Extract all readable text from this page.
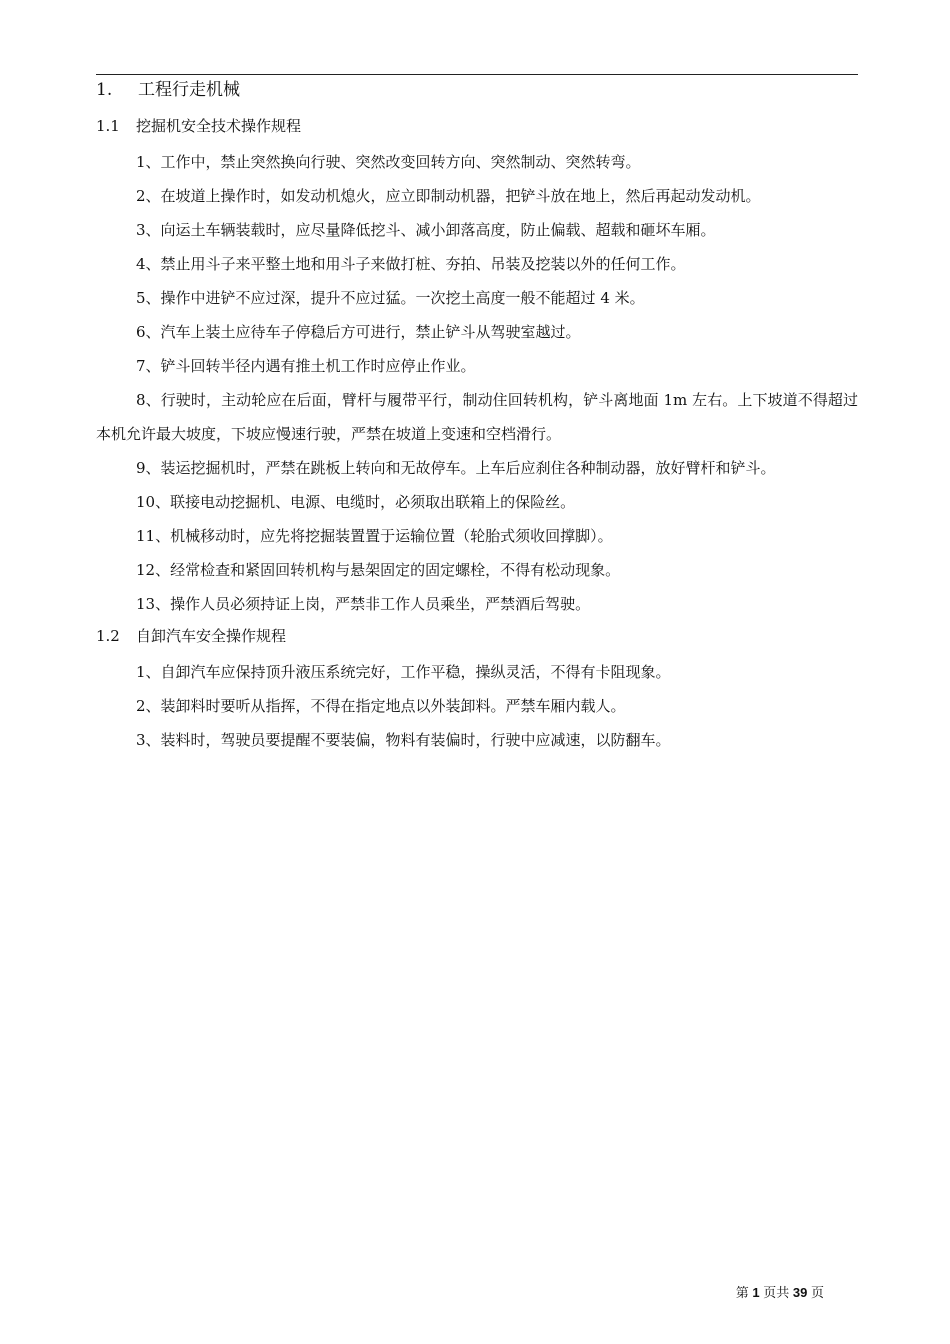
1. 工程行走机械
1.1 挖掘机安全技术操作规程

1、工作中，禁止突然换向行驶、突然改变回转方向、突然制动、突然转弯。

2、在坡道上操作时，如发动机熄火，应立即制动机器，把铲斗放在地上，然后再起动发动机。

3、向运土车辆装载时，应尽量降低挖斗、减小卸落高度，防止偏载、超载和砸坏车厢。

4、禁止用斗子来平整土地和用斗子来做打桩、夯拍、吊装及挖装以外的任何工作。

5、操作中进铲不应过深，提升不应过猛。一次挖土高度一般不能超过 4 米。

6、汽车上装土应待车子停稳后方可进行，禁止铲斗从驾驶室越过。

7、铲斗回转半径内遇有推土机工作时应停止作业。

8、行驶时，主动轮应在后面，臂杆与履带平行，制动住回转机构，铲斗离地面 1m 左右。上下坡道不得超过本机允许最大坡度，下坡应慢速行驶，严禁在坡道上变速和空档滑行。

9、装运挖掘机时，严禁在跳板上转向和无故停车。上车后应刹住各种制动器，放好臂杆和铲斗。

10、联接电动挖掘机、电源、电缆时，必须取出联箱上的保险丝。

11、机械移动时，应先将挖掘装置置于运输位置（轮胎式须收回撑脚）。

12、经常检查和紧固回转机构与悬架固定的固定螺栓，不得有松动现象。

13、操作人员必须持证上岗，严禁非工作人员乘坐，严禁酒后驾驶。

1.2 自卸汽车安全操作规程

1、自卸汽车应保持顶升液压系统完好，工作平稳，操纵灵活，不得有卡阻现象。

2、装卸料时要听从指挥，不得在指定地点以外装卸料。严禁车厢内载人。

3、装料时，驾驶员要提醒不要装偏，物料有装偏时，行驶中应减速，以防翻车。

第 1 页共 39 页
